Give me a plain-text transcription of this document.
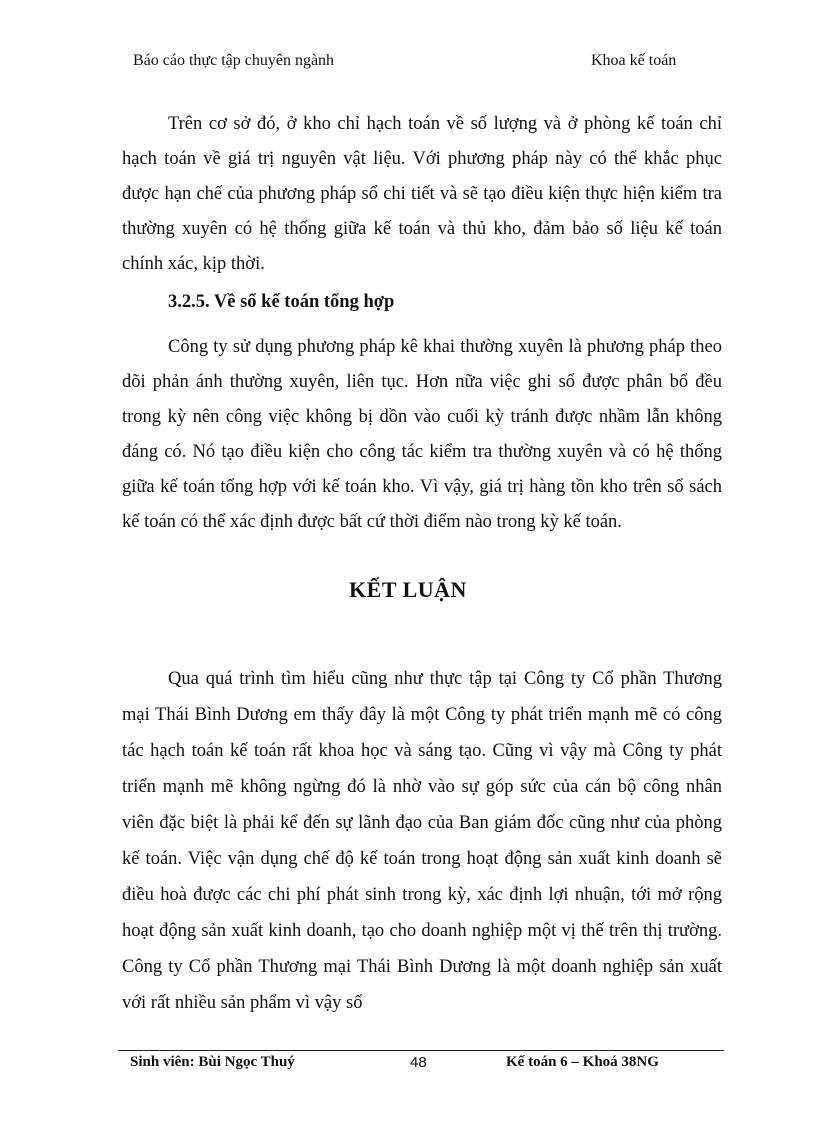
Báo cáo thực tập chuyên ngành	Khoa kế toán

Trên cơ sở đó, ở kho chỉ hạch toán về số lượng và ở phòng kế toán chỉ hạch toán về giá trị nguyên vật liệu. Với phương pháp này có thể khắc phục được hạn chế của phương pháp sổ chi tiết và sẽ tạo điều kiện thực hiện kiểm tra thường xuyên có hệ thống giữa kế toán và thủ kho, đảm bảo số liệu kế toán chính xác, kịp thời.

3.2.5. Về sổ kế toán tổng hợp

Công ty sử dụng phương pháp kê khai thường xuyên là phương pháp theo dõi phản ánh thường xuyên, liên tục. Hơn nữa việc ghi sổ được phân bổ đều trong kỳ nên công việc không bị dồn vào cuối kỳ tránh được nhầm lẫn không đáng có. Nó tạo điều kiện cho công tác kiểm tra thường xuyên và có hệ thống giữa kế toán tổng hợp với kế toán kho. Vì vậy, giá trị hàng tồn kho trên sổ sách kế toán có thể xác định được bất cứ thời điểm nào trong kỳ kế toán.

KẾT LUẬN

Qua quá trình tìm hiểu cũng như thực tập tại Công ty Cổ phần Thương mại Thái Bình Dương em thấy đây là một Công ty phát triển mạnh mẽ có công tác hạch toán kế toán rất khoa học và sáng tạo. Cũng vì vậy mà Công ty phát triển mạnh mẽ không ngừng đó là nhờ vào sự góp sức của cán bộ công nhân viên đặc biệt là phải kể đến sự lãnh đạo của Ban giám đốc cũng như của phòng kế toán. Việc vận dụng chế độ kế toán trong hoạt động sản xuất kinh doanh sẽ điều hoà được các chi phí phát sinh trong kỳ, xác định lợi nhuận, tới mở rộng hoạt động sản xuất kinh doanh, tạo cho doanh nghiệp một vị thế trên thị trường. Công ty Cổ phần Thương mại Thái Bình Dương là một doanh nghiệp sản xuất với rất nhiều sản phẩm vì vậy số

Sinh viên: Bùi Ngọc Thuý	48	Kế toán 6 – Khoá 38NG
